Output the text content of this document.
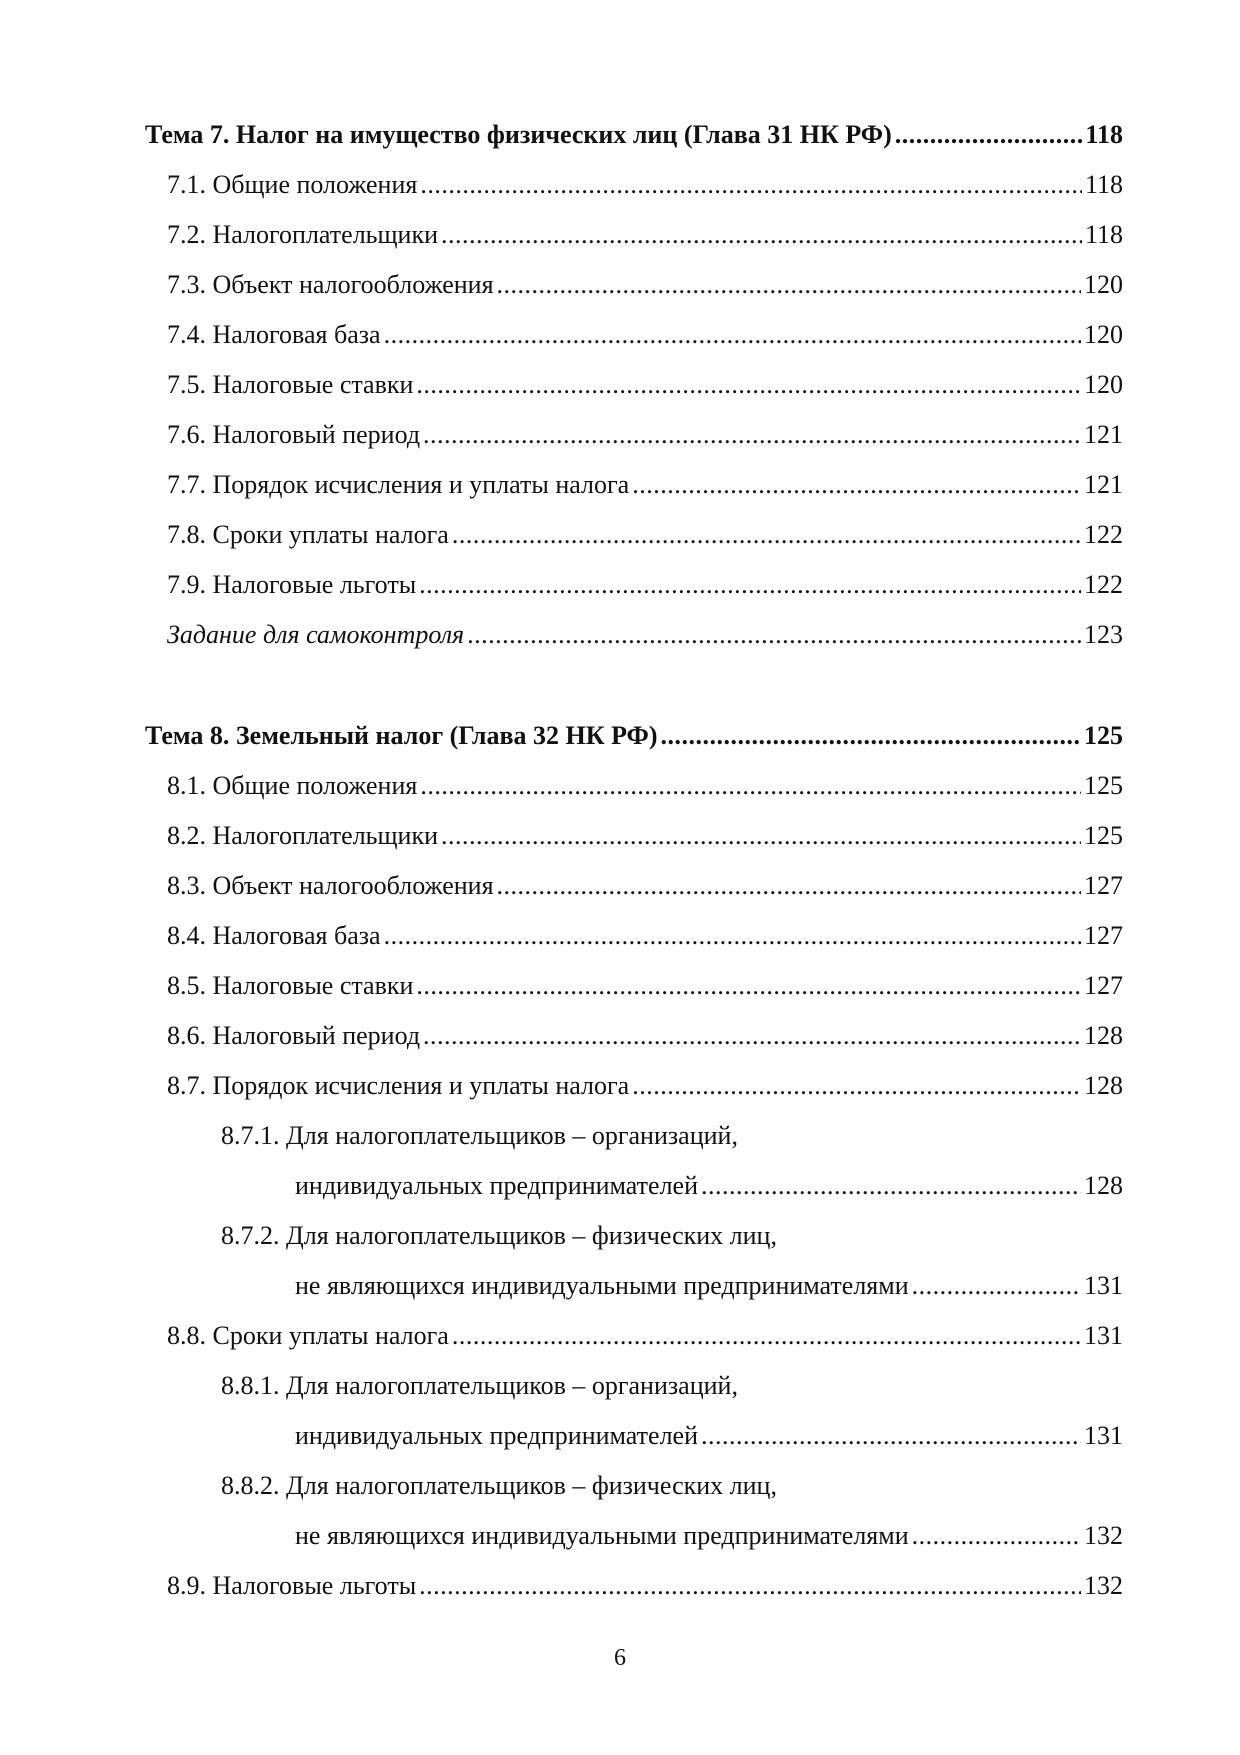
Тема 7. Налог на имущество физических лиц (Глава 31 НК РФ) .....	118
7.1. Общие положения .....	118
7.2. Налогоплательщики .....	118
7.3. Объект налогообложения .....	120
7.4. Налоговая база .....	120
7.5. Налоговые ставки .....	120
7.6. Налоговый период .....	121
7.7. Порядок исчисления и уплаты налога .....	121
7.8. Сроки уплаты налога .....	122
7.9. Налоговые льготы .....	122
Задание для самоконтроля .....	123
Тема 8. Земельный налог (Глава 32 НК РФ) .....	125
8.1. Общие положения .....	125
8.2. Налогоплательщики .....	125
8.3. Объект налогообложения .....	127
8.4. Налоговая база .....	127
8.5. Налоговые ставки .....	127
8.6. Налоговый период .....	128
8.7. Порядок исчисления и уплаты налога .....	128
8.7.1. Для налогоплательщиков – организаций,
индивидуальных предпринимателей .....	128
8.7.2. Для налогоплательщиков – физических лиц,
не являющихся индивидуальными предпринимателями .....	131
8.8. Сроки уплаты налога .....	131
8.8.1. Для налогоплательщиков – организаций,
индивидуальных предпринимателей .....	131
8.8.2. Для налогоплательщиков – физических лиц,
не являющихся индивидуальными предпринимателями .....	132
8.9. Налоговые льготы .....	132
6
